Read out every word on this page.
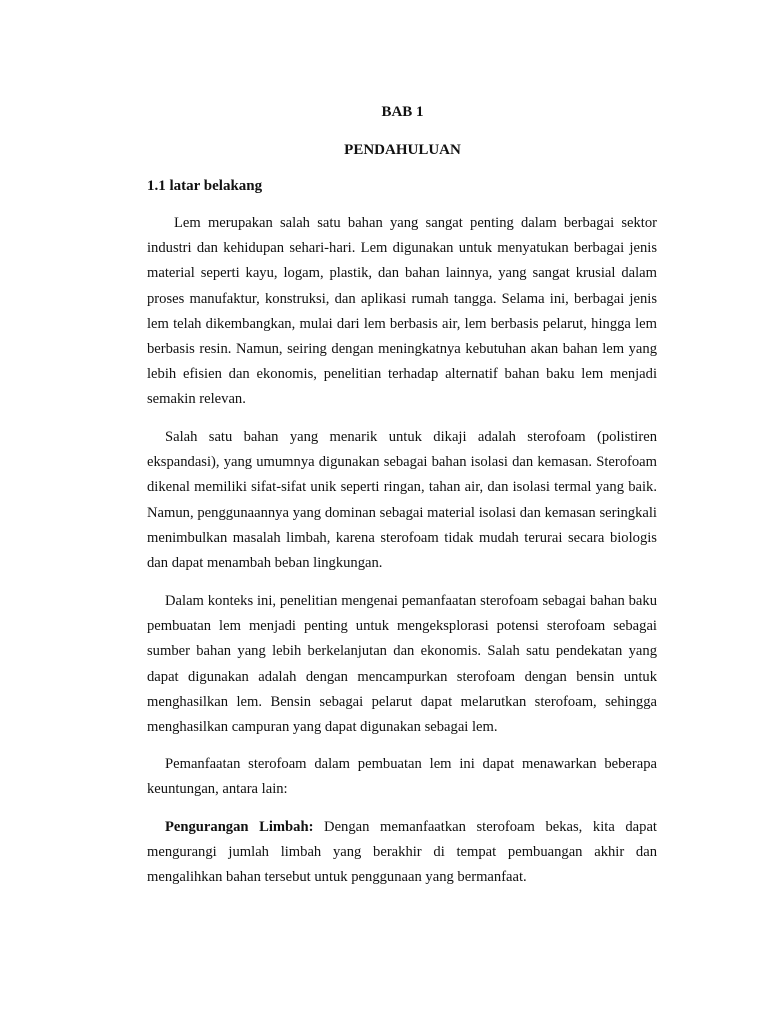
BAB 1
PENDAHULUAN
1.1 latar belakang

Lem merupakan salah satu bahan yang sangat penting dalam berbagai sektor industri dan kehidupan sehari-hari. Lem digunakan untuk menyatukan berbagai jenis material seperti kayu, logam, plastik, dan bahan lainnya, yang sangat krusial dalam proses manufaktur, konstruksi, dan aplikasi rumah tangga. Selama ini, berbagai jenis lem telah dikembangkan, mulai dari lem berbasis air, lem berbasis pelarut, hingga lem berbasis resin. Namun, seiring dengan meningkatnya kebutuhan akan bahan lem yang lebih efisien dan ekonomis, penelitian terhadap alternatif bahan baku lem menjadi semakin relevan.

Salah satu bahan yang menarik untuk dikaji adalah sterofoam (polistiren ekspandasi), yang umumnya digunakan sebagai bahan isolasi dan kemasan. Sterofoam dikenal memiliki sifat-sifat unik seperti ringan, tahan air, dan isolasi termal yang baik. Namun, penggunaannya yang dominan sebagai material isolasi dan kemasan seringkali menimbulkan masalah limbah, karena sterofoam tidak mudah terurai secara biologis dan dapat menambah beban lingkungan.

Dalam konteks ini, penelitian mengenai pemanfaatan sterofoam sebagai bahan baku pembuatan lem menjadi penting untuk mengeksplorasi potensi sterofoam sebagai sumber bahan yang lebih berkelanjutan dan ekonomis. Salah satu pendekatan yang dapat digunakan adalah dengan mencampurkan sterofoam dengan bensin untuk menghasilkan lem. Bensin sebagai pelarut dapat melarutkan sterofoam, sehingga menghasilkan campuran yang dapat digunakan sebagai lem.

Pemanfaatan sterofoam dalam pembuatan lem ini dapat menawarkan beberapa keuntungan, antara lain:

Pengurangan Limbah: Dengan memanfaatkan sterofoam bekas, kita dapat mengurangi jumlah limbah yang berakhir di tempat pembuangan akhir dan mengalihkan bahan tersebut untuk penggunaan yang bermanfaat.
